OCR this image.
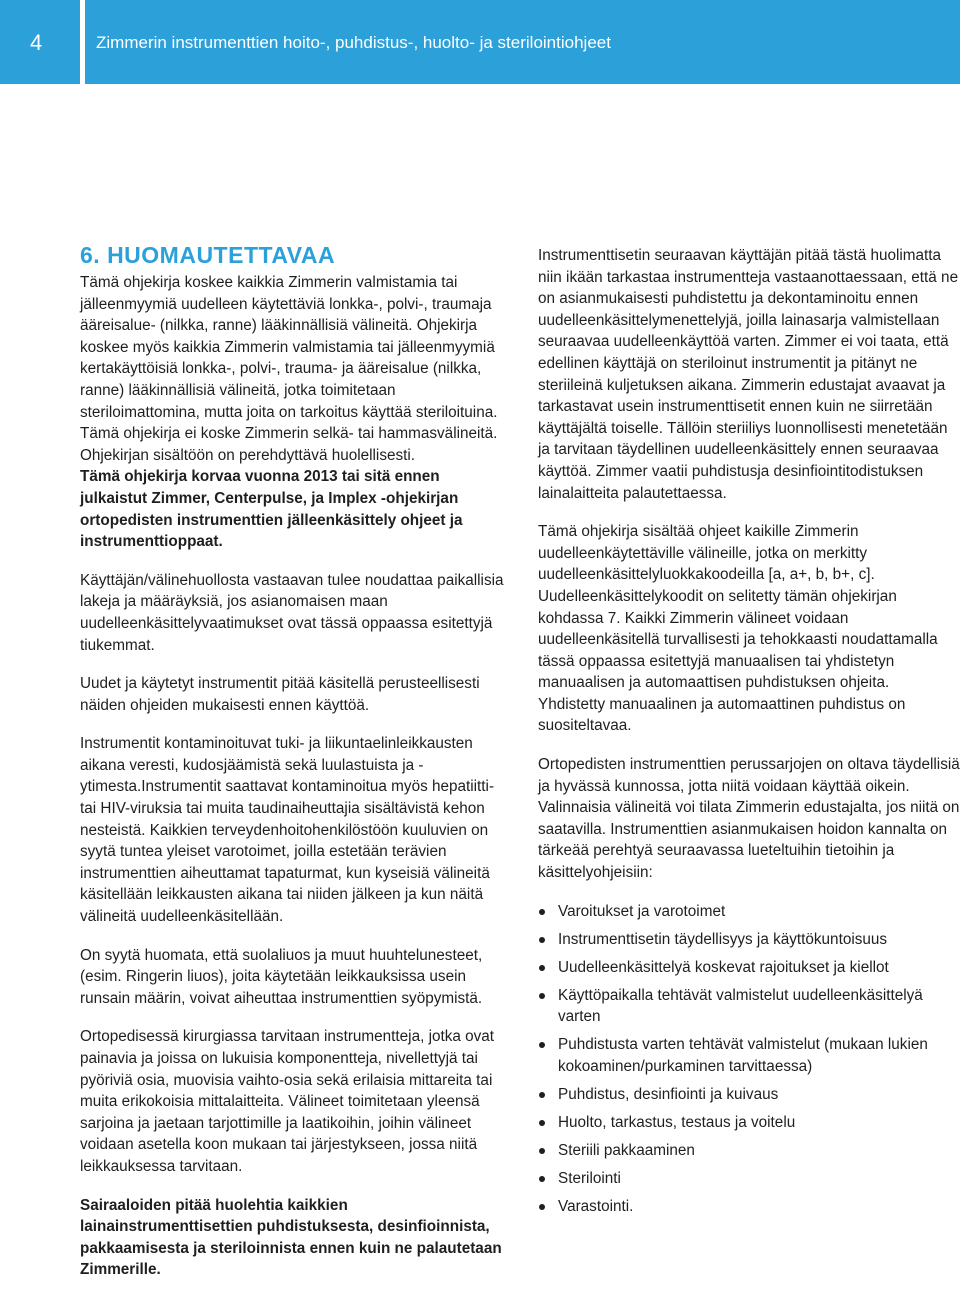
4	Zimmerin instrumenttien hoito-, puhdistus-, huolto- ja sterilointiohjeet
6. HUOMAUTETTAVAA

Tämä ohjekirja koskee kaikkia Zimmerin valmistamia tai jälleenmyymiä uudelleen käytettäviä lonkka-, polvi-, traumaja ääreisalue- (nilkka, ranne) lääkinnällisiä välineitä. Ohjekirja koskee myös kaikkia Zimmerin valmistamia tai jälleenmyymiä kertakäyttöisiä lonkka-, polvi-, trauma- ja ääreisalue (nilkka, ranne) lääkinnällisiä välineitä, jotka toimitetaan steriloimattomina, mutta joita on tarkoitus käyttää steriloituina. Tämä ohjekirja ei koske Zimmerin selkä- tai hammasvälineitä. Ohjekirjan sisältöön on perehdyttävä huolellisesti.

Tämä ohjekirja korvaa vuonna 2013 tai sitä ennen julkaistut Zimmer, Centerpulse, ja Implex -ohjekirjan ortopedisten instrumenttien jälleenkäsittely ohjeet ja instrumenttioppaat.

Käyttäjän/välinehuollosta vastaavan tulee noudattaa paikallisia lakeja ja määräyksiä, jos asianomaisen maan uudelleenkäsittelyvaatimukset ovat tässä oppaassa esitettyjä tiukemmat.

Uudet ja käytetyt instrumentit pitää käsitellä perusteellisesti näiden ohjeiden mukaisesti ennen käyttöä.

Instrumentit kontaminoituvat tuki- ja liikuntaelinleikkausten aikana veresti, kudosjäämistä sekä luulastuista ja -ytimesta.Instrumentit saattavat kontaminoitua myös hepatiitti- tai HIV-viruksia tai muita taudinaiheuttajia sisältävistä kehon nesteistä. Kaikkien terveydenhoitohenkilöstöön kuuluvien on syytä tuntea yleiset varotoimet, joilla estetään terävien instrumenttien aiheuttamat tapaturmat, kun kyseisiä välineitä käsitellään leikkausten aikana tai niiden jälkeen ja kun näitä välineitä uudelleenkäsitellään.

On syytä huomata, että suolaliuos ja muut huuhtelunesteet, (esim. Ringerin liuos), joita käytetään leikkauksissa usein runsain määrin, voivat aiheuttaa instrumenttien syöpymistä.

Ortopedisessä kirurgiassa tarvitaan instrumentteja, jotka ovat painavia ja joissa on lukuisia komponentteja, nivellettyjä tai pyöriviä osia, muovisia vaihto-osia sekä erilaisia mittareita tai muita erikokoisia mittalaitteita. Välineet toimitetaan yleensä sarjoina ja jaetaan tarjottimille ja laatikoihin, joihin välineet voidaan asetella koon mukaan tai järjestykseen, jossa niitä leikkauksessa tarvitaan.

Sairaaloiden pitää huolehtia kaikkien lainainstrumenttisettien puhdistuksesta, desinfioinnista, pakkaamisesta ja steriloinnista ennen kuin ne palautetaan Zimmerille.

Instrumenttisetin seuraavan käyttäjän pitää tästä huolimatta niin ikään tarkastaa instrumentteja vastaanottaessaan, että ne on asianmukaisesti puhdistettu ja dekontaminoitu ennen uudelleenkäsittelymenettelyjä, joilla lainasarja valmistellaan seuraavaa uudelleenkäyttöä varten. Zimmer ei voi taata, että edellinen käyttäjä on steriloinut instrumentit ja pitänyt ne steriileinä kuljetuksen aikana. Zimmerin edustajat avaavat ja tarkastavat usein instrumenttisetit ennen kuin ne siirretään käyttäjältä toiselle. Tällöin steriiliys luonnollisesti menetetään ja tarvitaan täydellinen uudelleenkäsittely ennen seuraavaa käyttöä. Zimmer vaatii puhdistusja desinfiointitodistuksen lainalaitteita palautettaessa.

Tämä ohjekirja sisältää ohjeet kaikille Zimmerin uudelleenkäytettäville välineille, jotka on merkitty uudelleenkäsittelyluokkakoodeilla [a, a+, b, b+, c]. Uudelleenkäsittelykoodit on selitetty tämän ohjekirjan kohdassa 7. Kaikki Zimmerin välineet voidaan uudelleenkäsitellä turvallisesti ja tehokkaasti noudattamalla tässä oppaassa esitettyjä manuaalisen tai yhdistetyn manuaalisen ja automaattisen puhdistuksen ohjeita. Yhdistetty manuaalinen ja automaattinen puhdistus on suositeltavaa.

Ortopedisten instrumenttien perussarjojen on oltava täydellisiä ja hyvässä kunnossa, jotta niitä voidaan käyttää oikein. Valinnaisia välineitä voi tilata Zimmerin edustajalta, jos niitä on saatavilla. Instrumenttien asianmukaisen hoidon kannalta on tärkeää perehtyä seuraavassa lueteltuihin tietoihin ja käsittelyohjeisiin:

Varoitukset ja varotoimet
Instrumenttisetin täydellisyys ja käyttökuntoisuus
Uudelleenkäsittelyä koskevat rajoitukset ja kiellot
Käyttöpaikalla tehtävät valmistelut uudelleenkäsittelyä varten
Puhdistusta varten tehtävät valmistelut (mukaan lukien kokoaminen/purkaminen tarvittaessa)
Puhdistus, desinfiointi ja kuivaus
Huolto, tarkastus, testaus ja voitelu
Steriili pakkaaminen
Sterilointi
Varastointi.
